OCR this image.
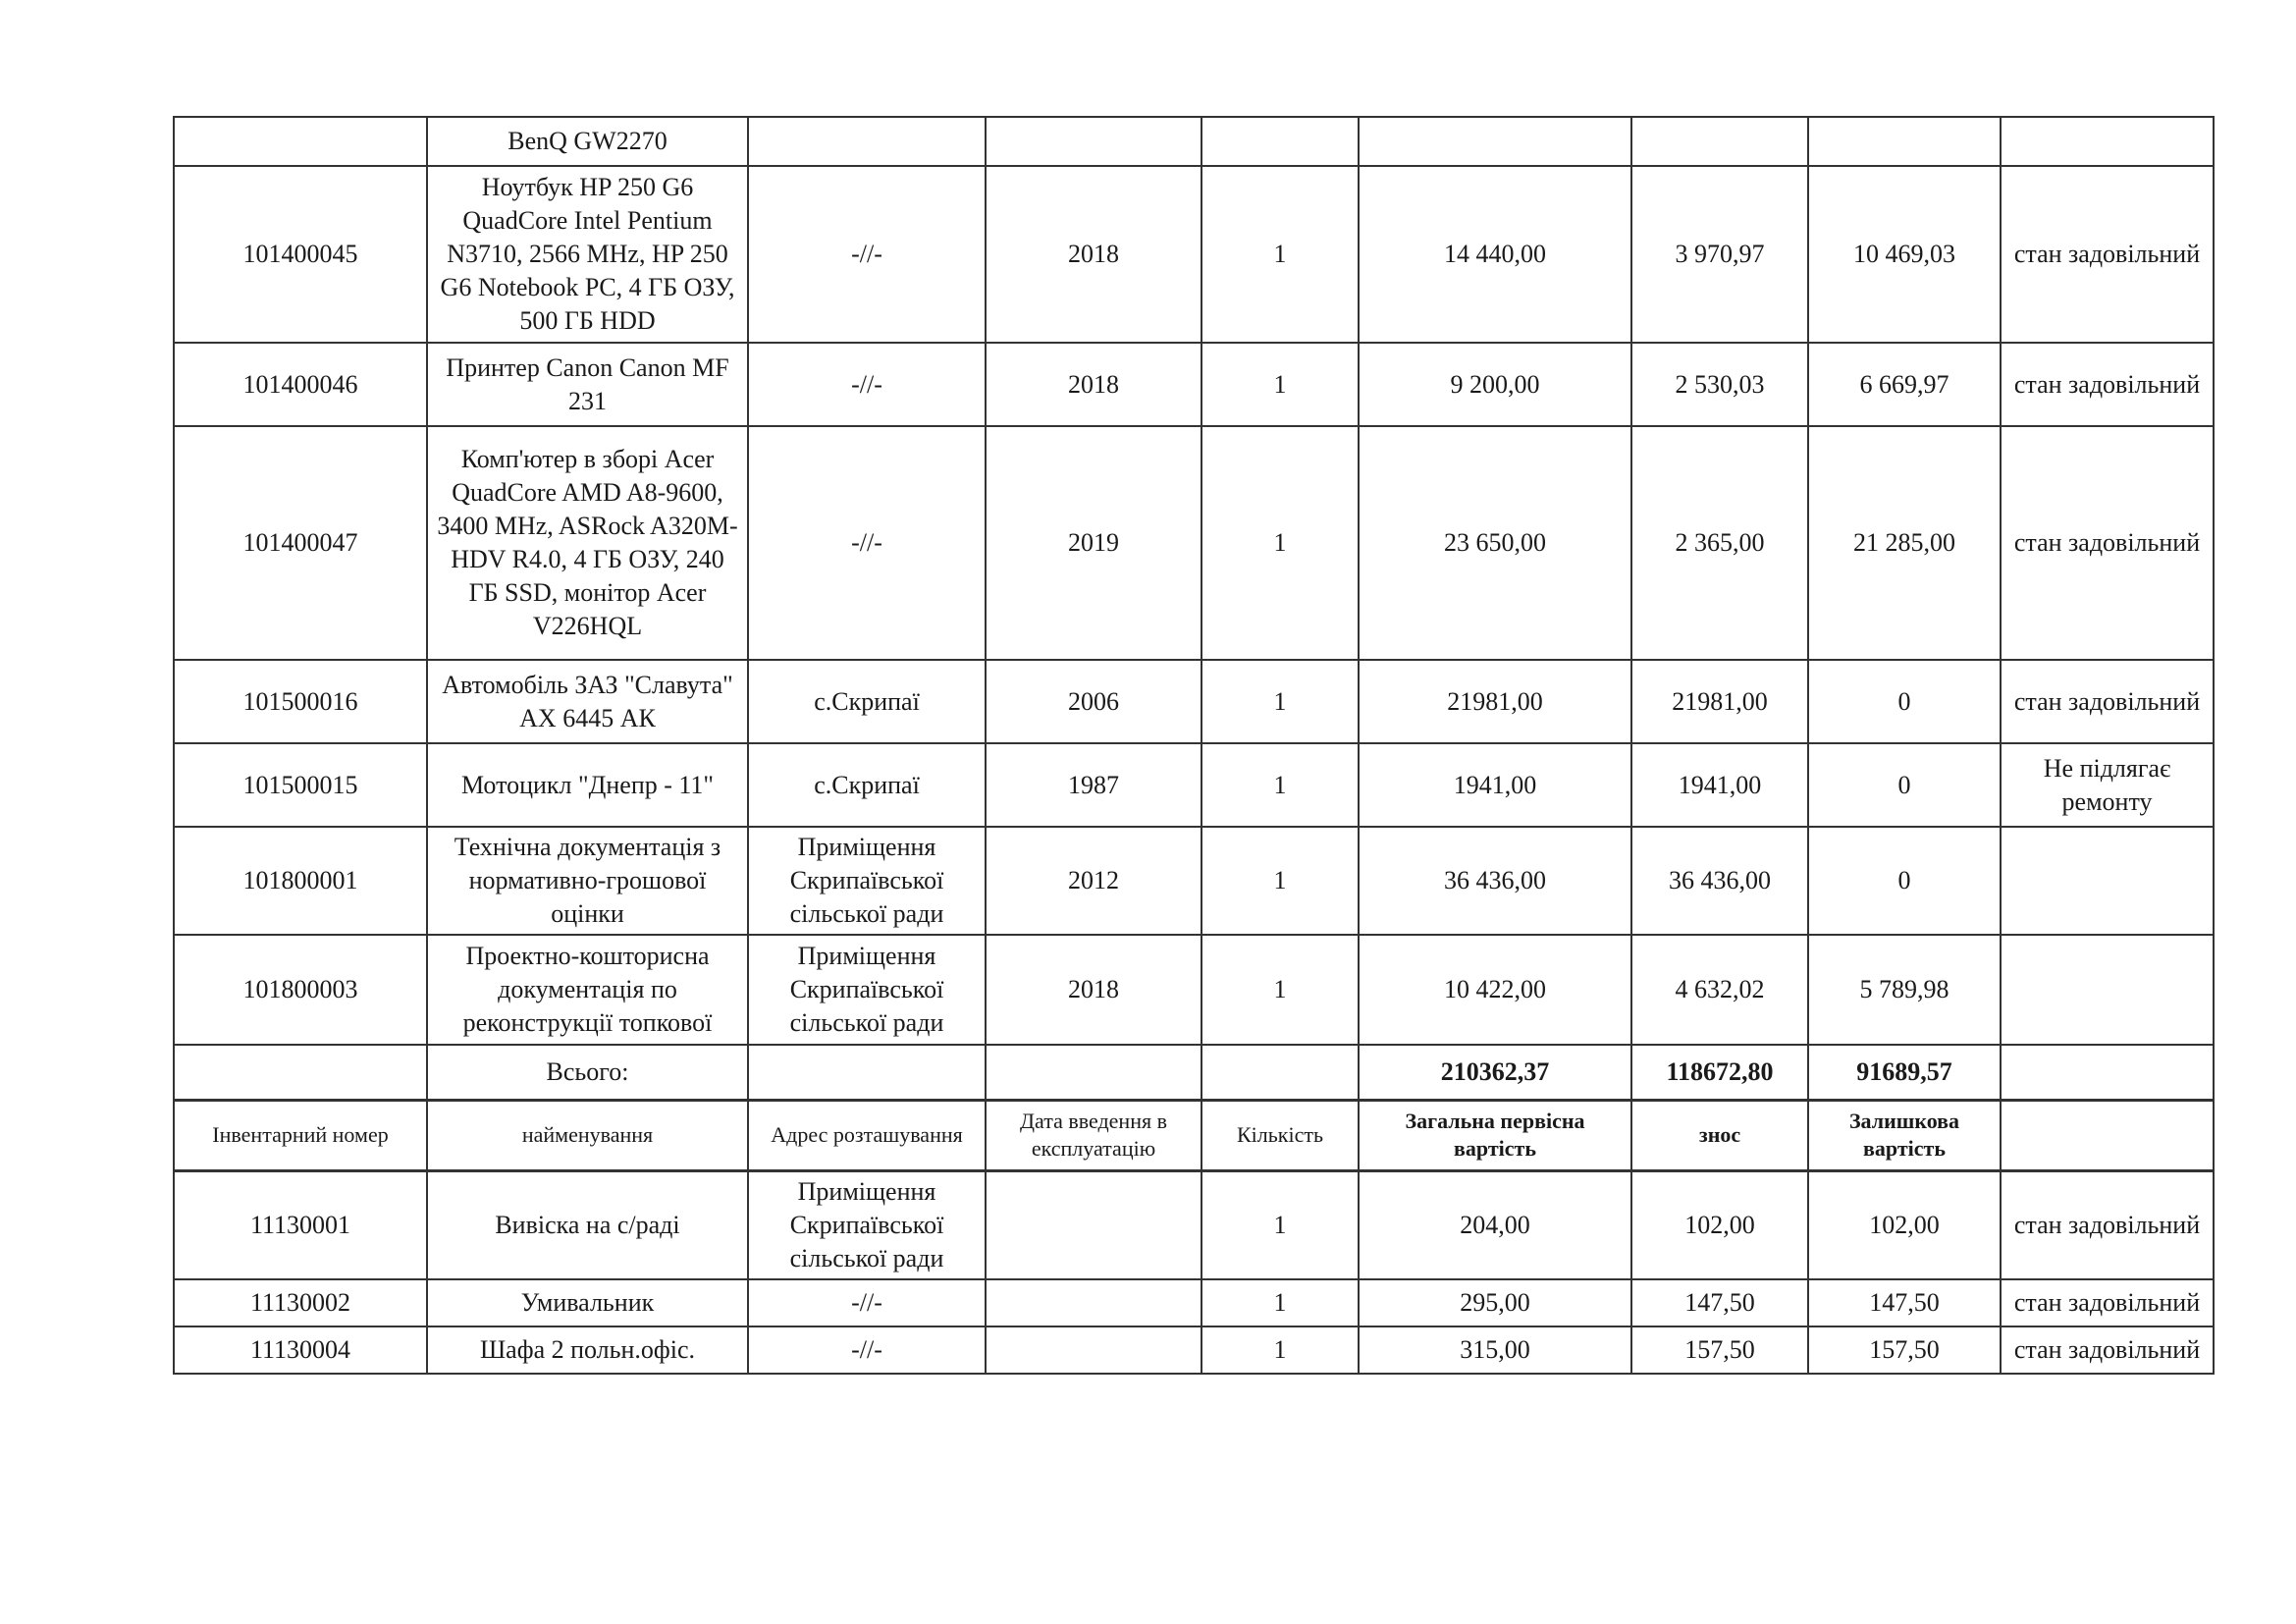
	BenQ GW2270							
101400045	Ноутбук HP 250 G6 QuadCore Intel Pentium N3710, 2566 MHz, HP 250 G6 Notebook PC, 4 ГБ ОЗУ, 500 ГБ HDD	-//-	2018	1	14 440,00	3 970,97	10 469,03	стан задовільний
101400046	Принтер Canon Canon MF 231	-//-	2018	1	9 200,00	2 530,03	6 669,97	стан задовільний
101400047	Комп'ютер в зборі Acer QuadCore AMD A8-9600, 3400 MHz, ASRock A320M-HDV R4.0, 4 ГБ ОЗУ, 240 ГБ SSD, монітор Acer V226HQL	-//-	2019	1	23 650,00	2 365,00	21 285,00	стан задовільний
101500016	Автомобіль ЗАЗ "Славута" АХ 6445 АК	с.Скрипаї	2006	1	21981,00	21981,00	0	стан задовільний
101500015	Мотоцикл "Днепр - 11"	с.Скрипаї	1987	1	1941,00	1941,00	0	Не підлягає ремонту
101800001	Технічна документація з нормативно-грошової оцінки	Приміщення Скрипаївської сільської ради	2012	1	36 436,00	36 436,00	0	
101800003	Проектно-кошторисна документація по реконструкції топкової	Приміщення Скрипаївської сільської ради	2018	1	10 422,00	4 632,02	5 789,98	
	Всього:				210362,37	118672,80	91689,57	
Інвентарний номер	найменування	Адрес розташування	Дата введення в експлуатацію	Кількість	Загальна первісна вартість	знос	Залишкова вартість	
11130001	Вивіска на с/раді	Приміщення Скрипаївської сільської ради		1	204,00	102,00	102,00	стан задовільний
11130002	Умивальник	-//-		1	295,00	147,50	147,50	стан задовільний
11130004	Шафа 2 польн.офіс.	-//-		1	315,00	157,50	157,50	стан задовільний
